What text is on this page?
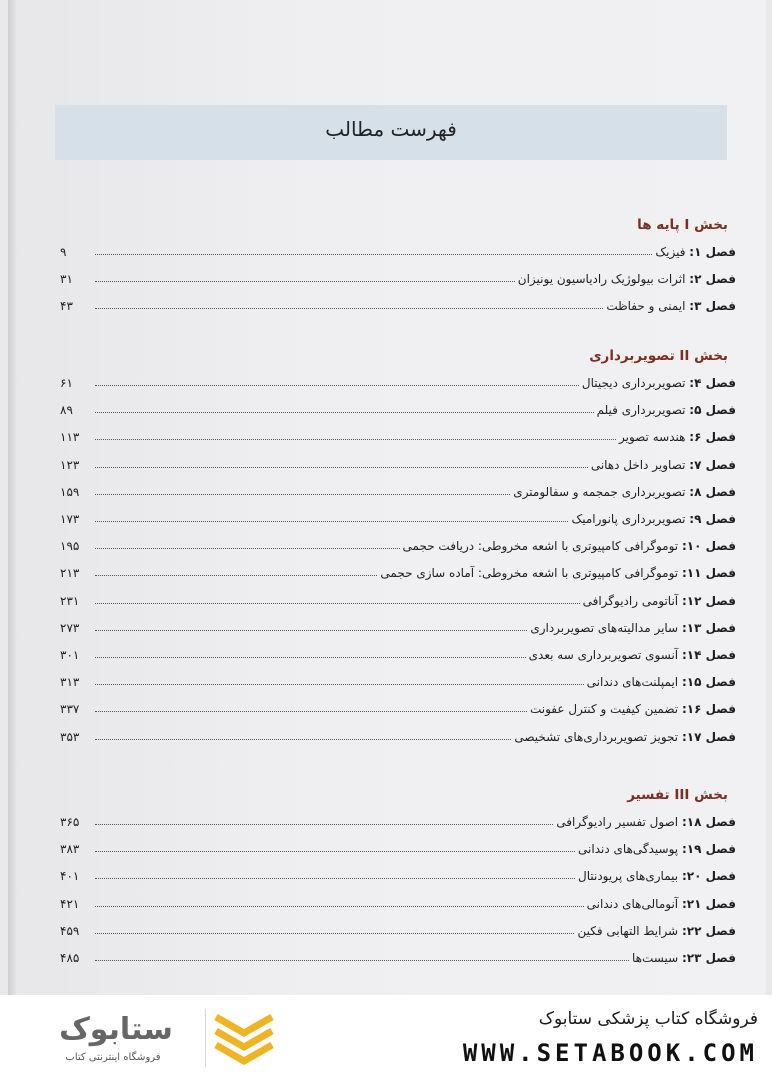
فهرست مطالب
بخش I پایه ها
فصل ۱: فیزیک
۹
فصل ۲: اثرات بیولوژیک رادیاسیون یونیزان
۳۱
فصل ۳: ایمنی و حفاظت
۴۳
بخش II تصویربرداری
فصل ۴: تصویربرداری دیجیتال
۶۱
فصل ۵: تصویربرداری فیلم
۸۹
فصل ۶: هندسه تصویر
۱۱۳
فصل ۷: تصاویر داخل دهانی
۱۲۳
فصل ۸: تصویربرداری جمجمه و سفالومتری
۱۵۹
فصل ۹: تصویربرداری پانورامیک
۱۷۳
فصل ۱۰: توموگرافی کامپیوتری با اشعه مخروطی: دریافت حجمی
۱۹۵
فصل ۱۱: توموگرافی کامپیوتری با اشعه مخروطی: آماده سازی حجمی
۲۱۳
فصل ۱۲: آناتومی رادیوگرافی
۲۳۱
فصل ۱۳: سایر مدالیته‌های تصویربرداری
۲۷۳
فصل ۱۴: آنسوی تصویربرداری سه بعدی
۳۰۱
فصل ۱۵: ایمپلنت‌های دندانی
۳۱۳
فصل ۱۶: تضمین کیفیت و کنترل عفونت
۳۳۷
فصل ۱۷: تجویز تصویربرداری‌های تشخیصی
۳۵۳
بخش III تفسیر
فصل ۱۸: اصول تفسیر رادیوگرافی
۳۶۵
فصل ۱۹: پوسیدگی‌های دندانی
۳۸۳
فصل ۲۰: بیماری‌های پریودنتال
۴۰۱
فصل ۲۱: آنومالی‌های دندانی
۴۲۱
فصل ۲۲: شرایط التهابی فکین
۴۵۹
فصل ۲۳: سیست‌ها
۴۸۵
ستابوک
فروشگاه اینترنتی کتاب
فروشگاه کتاب پزشکی ستابوک
WWW.SETABOOK.COM
